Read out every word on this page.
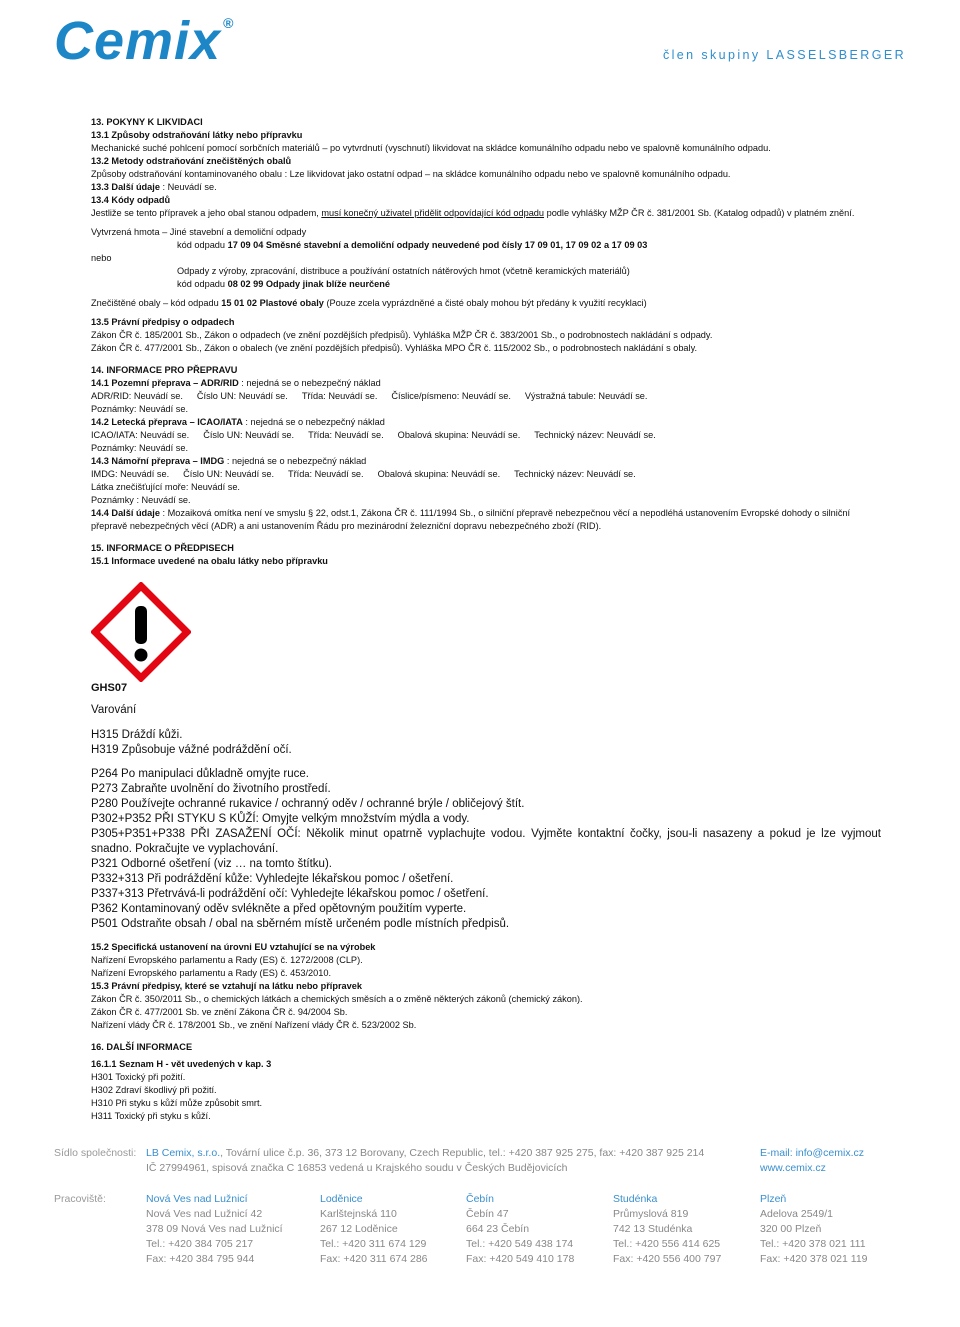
Cemix ®
člen skupiny LASSELSBERGER

13. POKYNY K LIKVIDACI

13.1 Způsoby odstraňování látky nebo přípravku

Mechanické suché pohlcení pomocí sorbčních materiálů – po vytvrdnutí (vyschnutí) likvidovat na skládce komunálního odpadu nebo ve spalovně komunálního odpadu.

13.2 Metody odstraňování znečištěných obalů

Způsoby odstraňování kontaminovaného obalu : Lze likvidovat jako ostatní odpad – na skládce komunálního odpadu nebo ve spalovně komunálního odpadu.

13.3 Další údaje : Neuvádí se.

13.4 Kódy odpadů

Jestliže se tento přípravek a jeho obal stanou odpadem, musí konečný uživatel přidělit odpovídající kód odpadu podle vyhlášky MŽP ČR č. 381/2001 Sb. (Katalog odpadů) v platném znění.

Vytvrzená hmota – Jiné stavební a demoliční odpady

kód odpadu 17 09 04 Směsné stavební a demoliční odpady neuvedené pod čísly 17 09 01, 17 09 02 a 17 09 03

nebo

Odpady z výroby, zpracování, distribuce a používání ostatních nátěrových hmot (včetně keramických materiálů)

kód odpadu 08 02 99 Odpady jinak blíže neurčené

Znečištěné obaly – kód odpadu 15 01 02 Plastové obaly (Pouze zcela vyprázdněné a čisté obaly mohou být předány k využití recyklaci)

13.5 Právní předpisy o odpadech

Zákon ČR č. 185/2001 Sb., Zákon o odpadech (ve znění pozdějších předpisů). Vyhláška MŽP ČR č. 383/2001 Sb., o podrobnostech nakládání s odpady.

Zákon ČR č. 477/2001 Sb., Zákon o obalech (ve znění pozdějších předpisů). Vyhláška MPO ČR č. 115/2002 Sb., o podrobnostech nakládání s obaly.

14. INFORMACE PRO PŘEPRAVU

14.1 Pozemní přeprava – ADR/RID : nejedná se o nebezpečný náklad

ADR/RID: Neuvádí se. Číslo UN: Neuvádí se. Třída: Neuvádí se. Číslice/písmeno: Neuvádí se. Výstražná tabule: Neuvádí se.

Poznámky: Neuvádí se.

14.2 Letecká přeprava – ICAO/IATA : nejedná se o nebezpečný náklad

ICAO/IATA: Neuvádí se. Číslo UN: Neuvádí se. Třída: Neuvádí se. Obalová skupina: Neuvádí se. Technický název: Neuvádí se.

Poznámky: Neuvádí se.

14.3 Námořní přeprava – IMDG : nejedná se o nebezpečný náklad

IMDG: Neuvádí se. Číslo UN: Neuvádí se. Třída: Neuvádí se. Obalová skupina: Neuvádí se. Technický název: Neuvádí se.

Látka znečišťující moře: Neuvádí se.

Poznámky : Neuvádí se.

14.4 Další údaje : Mozaiková omítka není ve smyslu § 22, odst.1, Zákona ČR č. 111/1994 Sb., o silniční přepravě nebezpečnou věcí a nepodléhá ustanovením Evropské dohody o silniční přepravě nebezpečných věcí (ADR) a ani ustanovením Řádu pro mezinárodní železniční dopravu nebezpečného zboží (RID).

15. INFORMACE O PŘEDPISECH

15.1 Informace uvedené na obalu látky nebo přípravku

GHS07

Varování

H315 Dráždí kůži.

H319 Způsobuje vážné podráždění očí.

P264 Po manipulaci důkladně omyjte ruce.

P273 Zabraňte uvolnění do životního prostředí.

P280 Používejte ochranné rukavice / ochranný oděv / ochranné brýle / obličejový štít.

P302+P352 PŘI STYKU S KŮŽÍ: Omyjte velkým množstvím mýdla a vody.

P305+P351+P338 PŘI ZASAŽENÍ OČÍ: Několik minut opatrně vyplachujte vodou. Vyjměte kontaktní čočky, jsou-li nasazeny a pokud je lze vyjmout snadno. Pokračujte ve vyplachování.

P321 Odborné ošetření (viz … na tomto štítku).

P332+313 Při podráždění kůže: Vyhledejte lékařskou pomoc / ošetření.

P337+313 Přetrvává-li podráždění očí: Vyhledejte lékařskou pomoc / ošetření.

P362 Kontaminovaný oděv svlékněte a před opětovným použitím vyperte.

P501 Odstraňte obsah / obal na sběrném místě určeném podle místních předpisů.

15.2 Specifická ustanovení na úrovni EU vztahující se na výrobek

Nařízení Evropského parlamentu a Rady (ES) č. 1272/2008 (CLP).

Nařízení Evropského parlamentu a Rady (ES) č. 453/2010.

15.3 Právní předpisy, které se vztahují na látku nebo přípravek

Zákon ČR č. 350/2011 Sb., o chemických látkách a chemických směsích a o změně některých zákonů (chemický zákon).

Zákon ČR č. 477/2001 Sb. ve znění Zákona ČR č. 94/2004 Sb.

Nařízení vlády ČR č. 178/2001 Sb., ve znění Nařízení vlády ČR č. 523/2002 Sb.

16. DALŠÍ INFORMACE

16.1.1 Seznam H - vět uvedených v kap. 3

H301 Toxický při požití.

H302 Zdraví škodlivý při požití.

H310 Při styku s kůží může způsobit smrt.

H311 Toxický při styku s kůží.

Sídlo společnosti: LB Cemix, s.r.o., Tovární ulice č.p. 36, 373 12 Borovany, Czech Republic, tel.: +420 387 925 275, fax: +420 387 925 214
IČ 27994961, spisová značka C 16853 vedená u Krajského soudu v Českých Budějovicích
E-mail: info@cemix.cz
www.cemix.cz
Pracoviště:	Nová Ves nad Lužnicí
Nová Ves nad Lužnicí 42
378 09 Nová Ves nad Lužnicí
Tel.: +420 384 705 217
Fax: +420 384 795 944
Loděnice
Karlštejnská 110
267 12 Loděnice
Tel.: +420 311 674 129
Fax: +420 311 674 286
Čebín
Čebín 47
664 23 Čebín
Tel.: +420 549 438 174
Fax: +420 549 410 178
Studénka
Průmyslová 819
742 13 Studénka
Tel.: +420 556 414 625
Fax: +420 556 400 797
Plzeň
Adelova 2549/1
320 00 Plzeň
Tel.: +420 378 021 111
Fax: +420 378 021 119
